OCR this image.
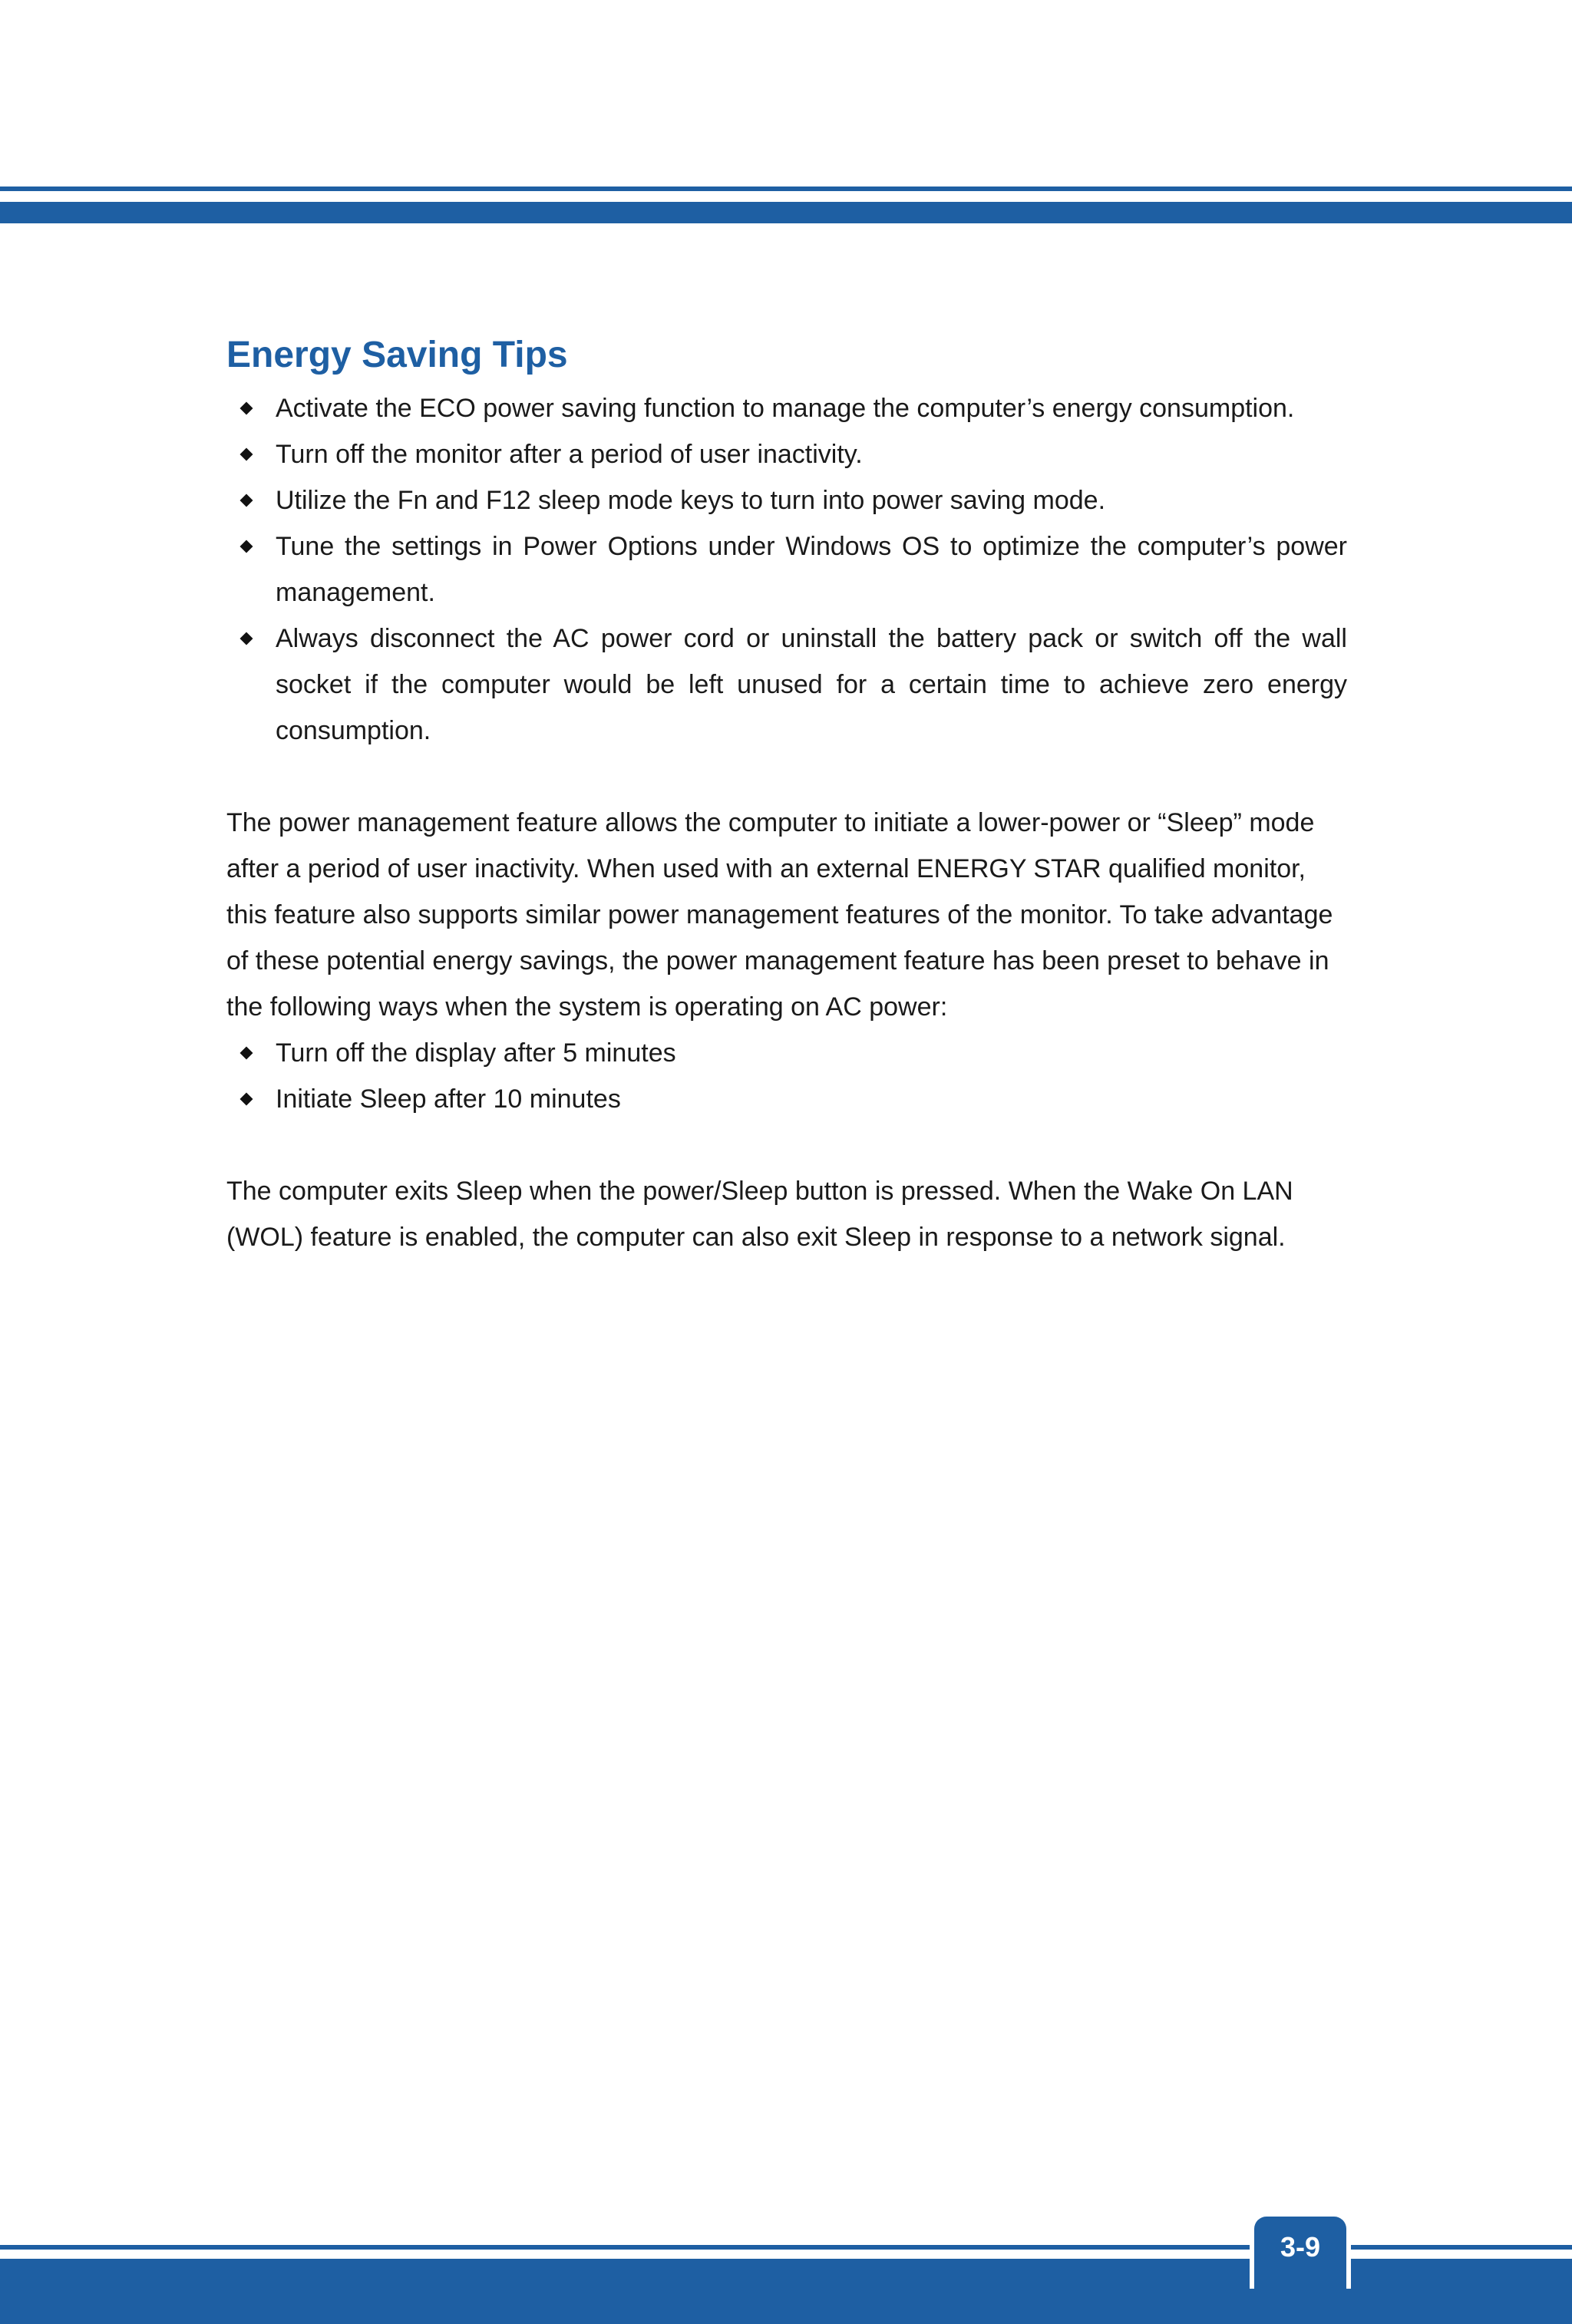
Energy Saving Tips
Activate the ECO power saving function to manage the computer’s energy consumption.
Turn off the monitor after a period of user inactivity.
Utilize the Fn and F12 sleep mode keys to turn into power saving mode.
Tune the settings in Power Options under Windows OS to optimize the computer’s power management.
Always disconnect the AC power cord or uninstall the battery pack or switch off the wall socket if the computer would be left unused for a certain time to achieve zero energy consumption.

The power management feature allows the computer to initiate a lower-power or “Sleep” mode after a period of user inactivity. When used with an external ENERGY STAR qualified monitor, this feature also supports similar power management features of the monitor. To take advantage of these potential energy savings, the power management feature has been preset to behave in the following ways when the system is operating on AC power:

Turn off the display after 5 minutes
Initiate Sleep after 10 minutes

The computer exits Sleep when the power/Sleep button is pressed. When the Wake On LAN (WOL) feature is enabled, the computer can also exit Sleep in response to a network signal.

3-9
